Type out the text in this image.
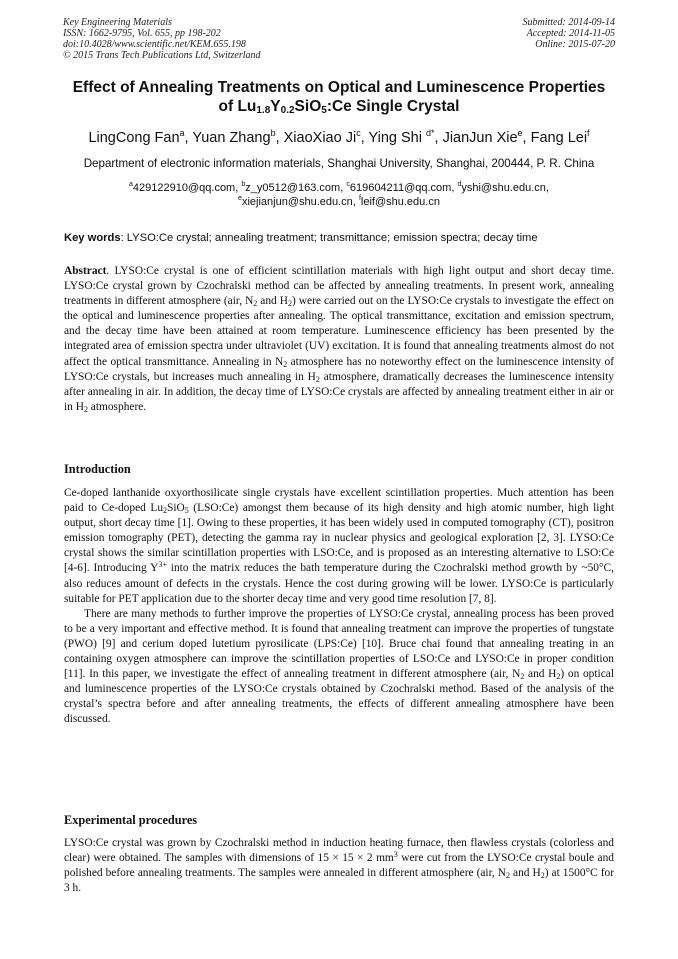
Key Engineering Materials
ISSN: 1662-9795, Vol. 655, pp 198-202
doi:10.4028/www.scientific.net/KEM.655.198
© 2015 Trans Tech Publications Ltd, Switzerland
Submitted: 2014-09-14
Accepted: 2014-11-05
Online: 2015-07-20
Effect of Annealing Treatments on Optical and Luminescence Properties
of $Lu_{1.8}Y_{0.2}SiO_5:Ce$ Single Crystal
LingCong Fan$^a$, Yuan Zhang$^b$, XiaoXiao Ji$^c$, Ying Shi $^{d*}$, JianJun Xie$^e$, Fang Lei$^f$
Department of electronic information materials, Shanghai University, Shanghai, 200444, P. R. China
$^a$429122910@qq.com, $^b$z_y0512@163.com, $^c$619604211@qq.com, $^d$yshi@shu.edu.cn,
$^e$xiejianjun@shu.edu.cn, $^f$leif@shu.edu.cn
Key words: LYSO:Ce crystal; annealing treatment; transmittance; emission spectra; decay time

Abstract. LYSO:Ce crystal is one of efficient scintillation materials with high light output and short decay time. LYSO:Ce crystal grown by Czochralski method can be affected by annealing treatments. In present work, annealing treatments in different atmosphere (air, $N_2$ and $H_2$) were carried out on the LYSO:Ce crystals to investigate the effect on the optical and luminescence properties after annealing. The optical transmittance, excitation and emission spectrum, and the decay time have been attained at room temperature. Luminescence efficiency has been presented by the integrated area of emission spectra under ultraviolet (UV) excitation. It is found that annealing treatments almost do not affect the optical transmittance. Annealing in $N_2$ atmosphere has no noteworthy effect on the luminescence intensity of LYSO:Ce crystals, but increases much annealing in $H_2$ atmosphere, dramatically decreases the luminescence intensity after annealing in air. In addition, the decay time of LYSO:Ce crystals are affected by annealing treatment either in air or in $H_2$ atmosphere.

Introduction

Ce-doped lanthanide oxyorthosilicate single crystals have excellent scintillation properties. Much attention has been paid to Ce-doped $Lu_2SiO_5$ (LSO:Ce) amongst them because of its high density and high atomic number, high light output, short decay time [1]. Owing to these properties, it has been widely used in computed tomography (CT), positron emission tomography (PET), detecting the gamma ray in nuclear physics and geological exploration [2, 3]. LYSO:Ce crystal shows the similar scintillation properties with LSO:Ce, and is proposed as an interesting alternative to LSO:Ce [4-6]. Introducing $Y^{3+}$ into the matrix reduces the bath temperature during the Czochralski method growth by ~50°C, also reduces amount of defects in the crystals. Hence the cost during growing will be lower. LYSO:Ce is particularly suitable for PET application due to the shorter decay time and very good time resolution [7, 8].

There are many methods to further improve the properties of LYSO:Ce crystal, annealing process has been proved to be a very important and effective method. It is found that annealing treatment can improve the properties of tungstate (PWO) [9] and cerium doped lutetium pyrosilicate (LPS:Ce) [10]. Bruce chai found that annealing treating in an containing oxygen atmosphere can improve the scintillation properties of LSO:Ce and LYSO:Ce in proper condition [11]. In this paper, we investigate the effect of annealing treatment in different atmosphere (air, $N_2$ and $H_2$) on optical and luminescence properties of the LYSO:Ce crystals obtained by Czochralski method. Based of the analysis of the crystal’s spectra before and after annealing treatments, the effects of different annealing atmosphere have been discussed.

Experimental procedures

LYSO:Ce crystal was grown by Czochralski method in induction heating furnace, then flawless crystals (colorless and clear) were obtained. The samples with dimensions of 15 × 15 × 2 $mm^3$ were cut from the LYSO:Ce crystal boule and polished before annealing treatments. The samples were annealed in different atmosphere (air, $N_2$ and $H_2$) at 1500°C for 3 h.
